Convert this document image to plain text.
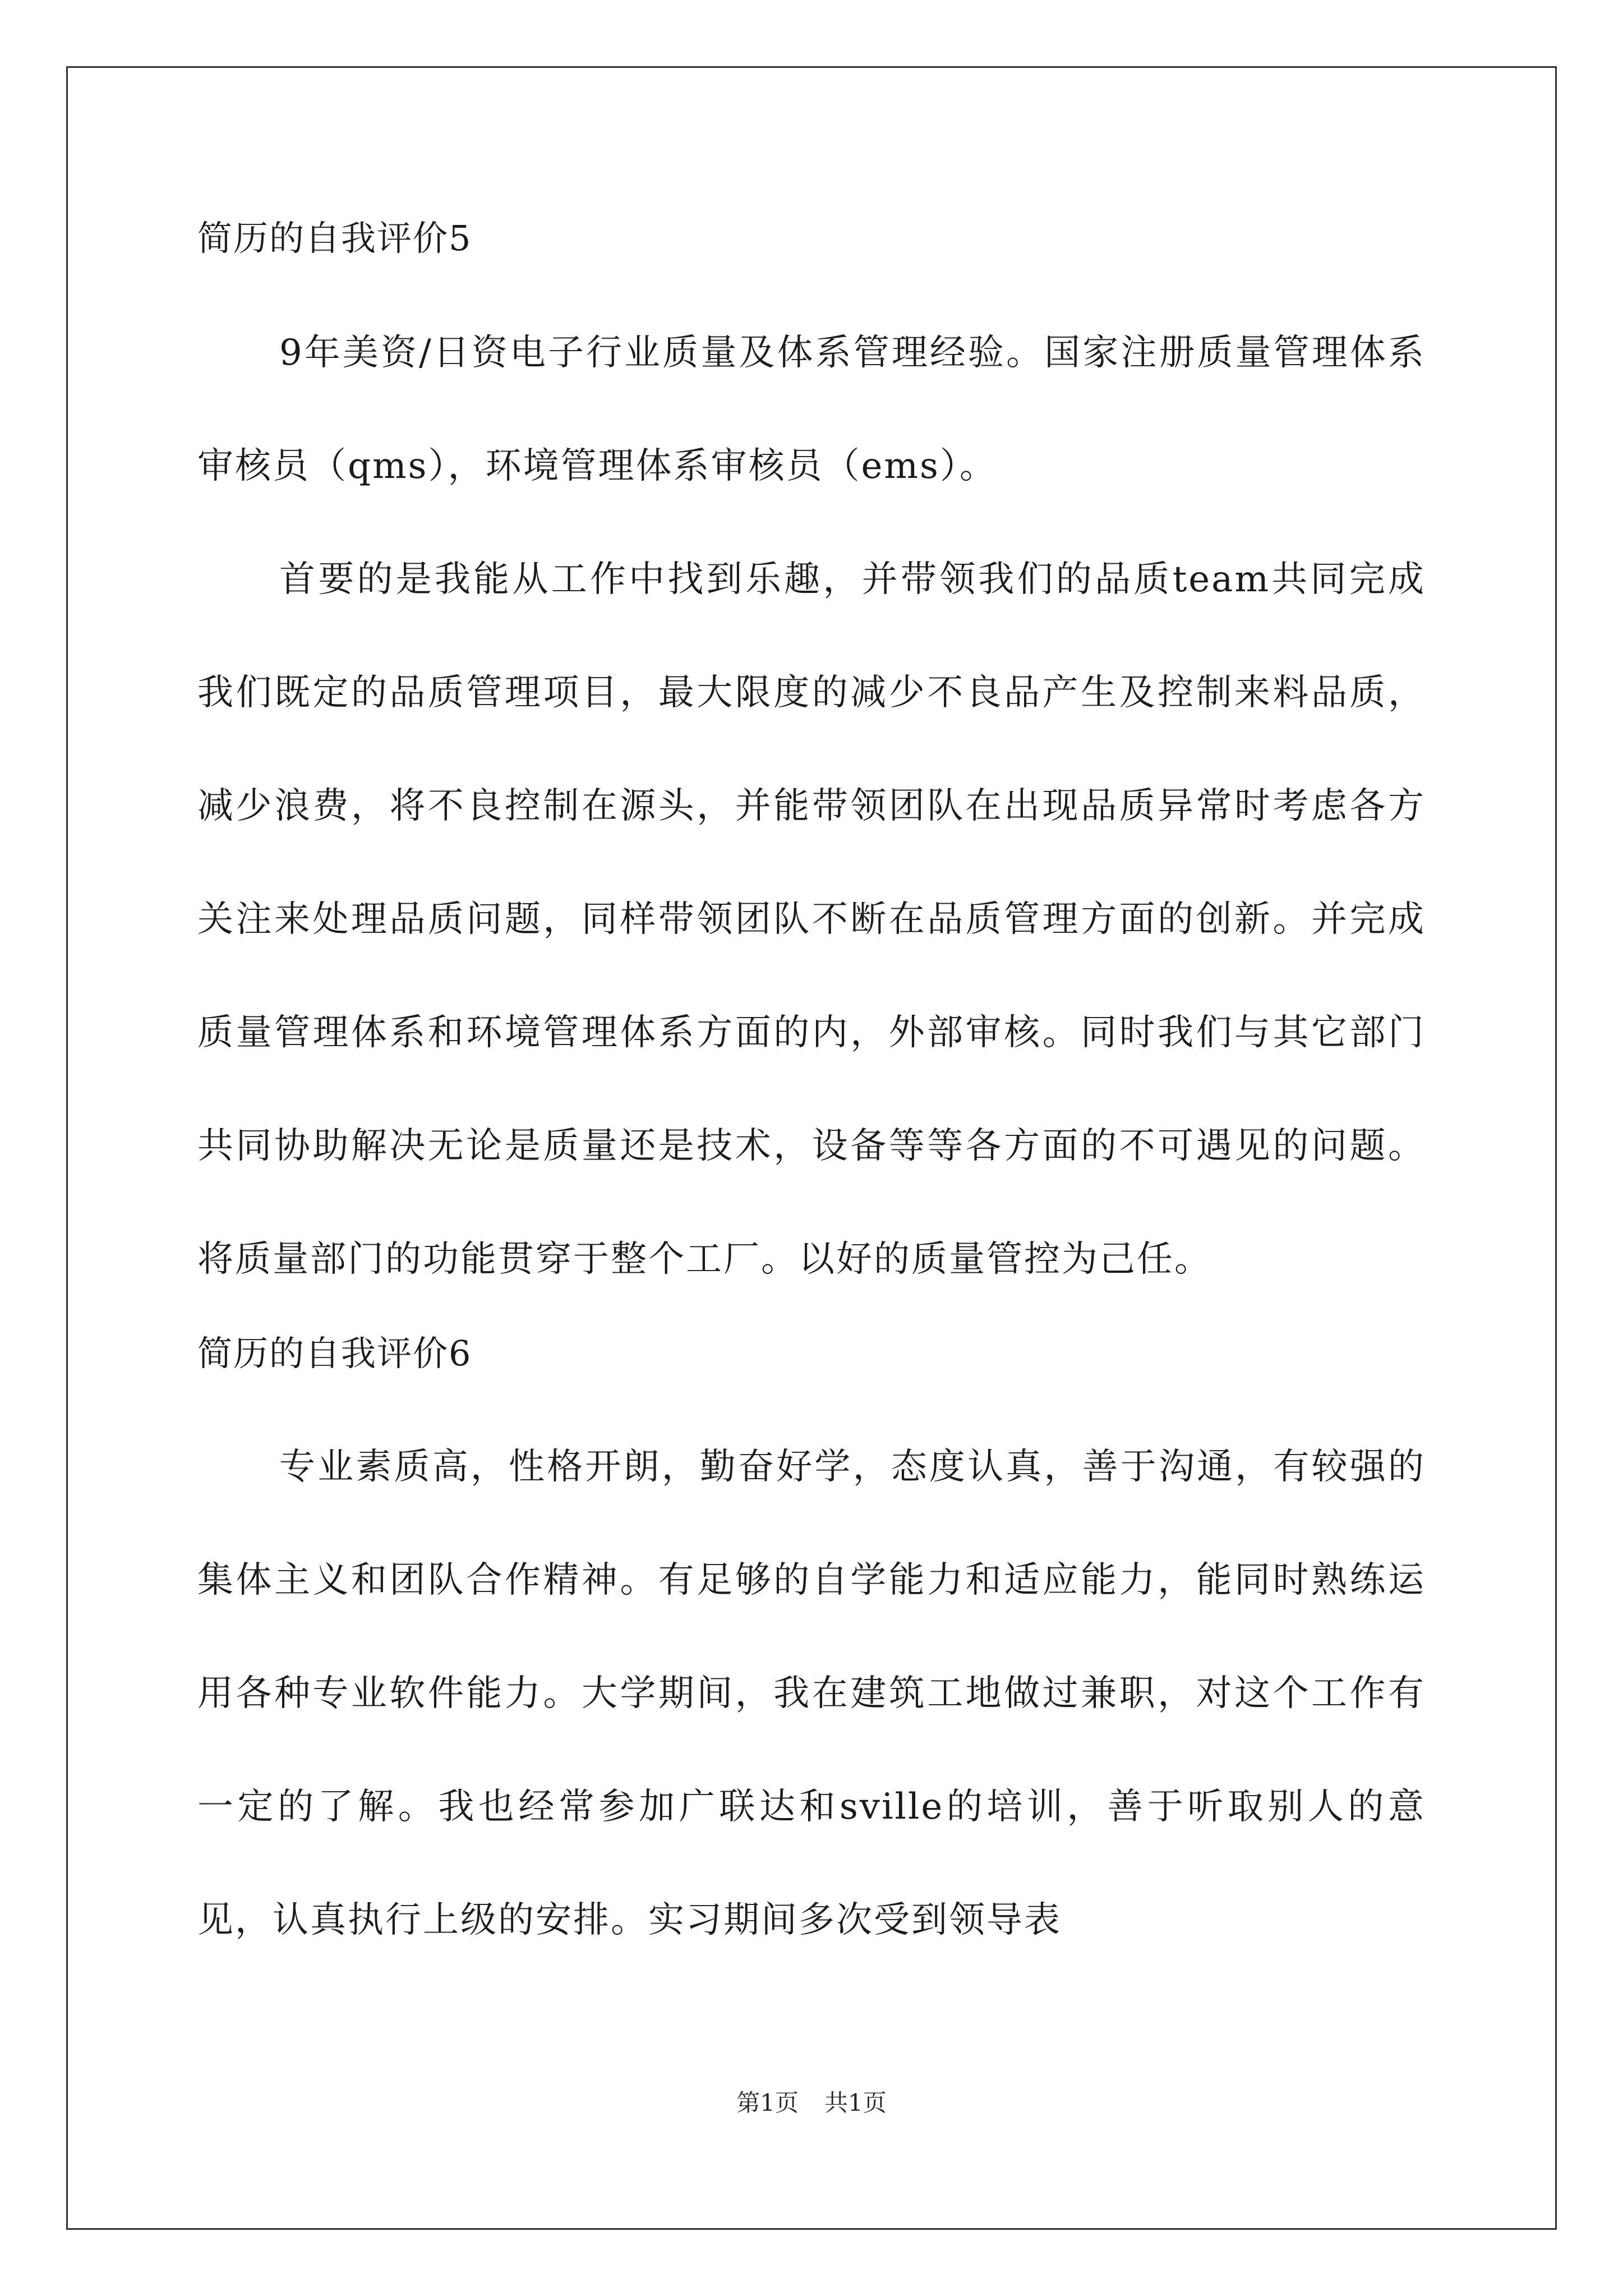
简历的自我评价5

9年美资/日资电子行业质量及体系管理经验。国家注册质量管理体系审核员（qms），环境管理体系审核员（ems）。

首要的是我能从工作中找到乐趣，并带领我们的品质team共同完成我们既定的品质管理项目，最大限度的减少不良品产生及控制来料品质，减少浪费，将不良控制在源头，并能带领团队在出现品质异常时考虑各方关注来处理品质问题，同样带领团队不断在品质管理方面的创新。并完成质量管理体系和环境管理体系方面的内，外部审核。同时我们与其它部门共同协助解决无论是质量还是技术，设备等等各方面的不可遇见的问题。将质量部门的功能贯穿于整个工厂。以好的质量管控为己任。

简历的自我评价6

专业素质高，性格开朗，勤奋好学，态度认真，善于沟通，有较强的集体主义和团队合作精神。有足够的自学能力和适应能力，能同时熟练运用各种专业软件能力。大学期间，我在建筑工地做过兼职，对这个工作有一定的了解。我也经常参加广联达和sville的培训，善于听取别人的意见，认真执行上级的安排。实习期间多次受到领导表

第1页 共1页
